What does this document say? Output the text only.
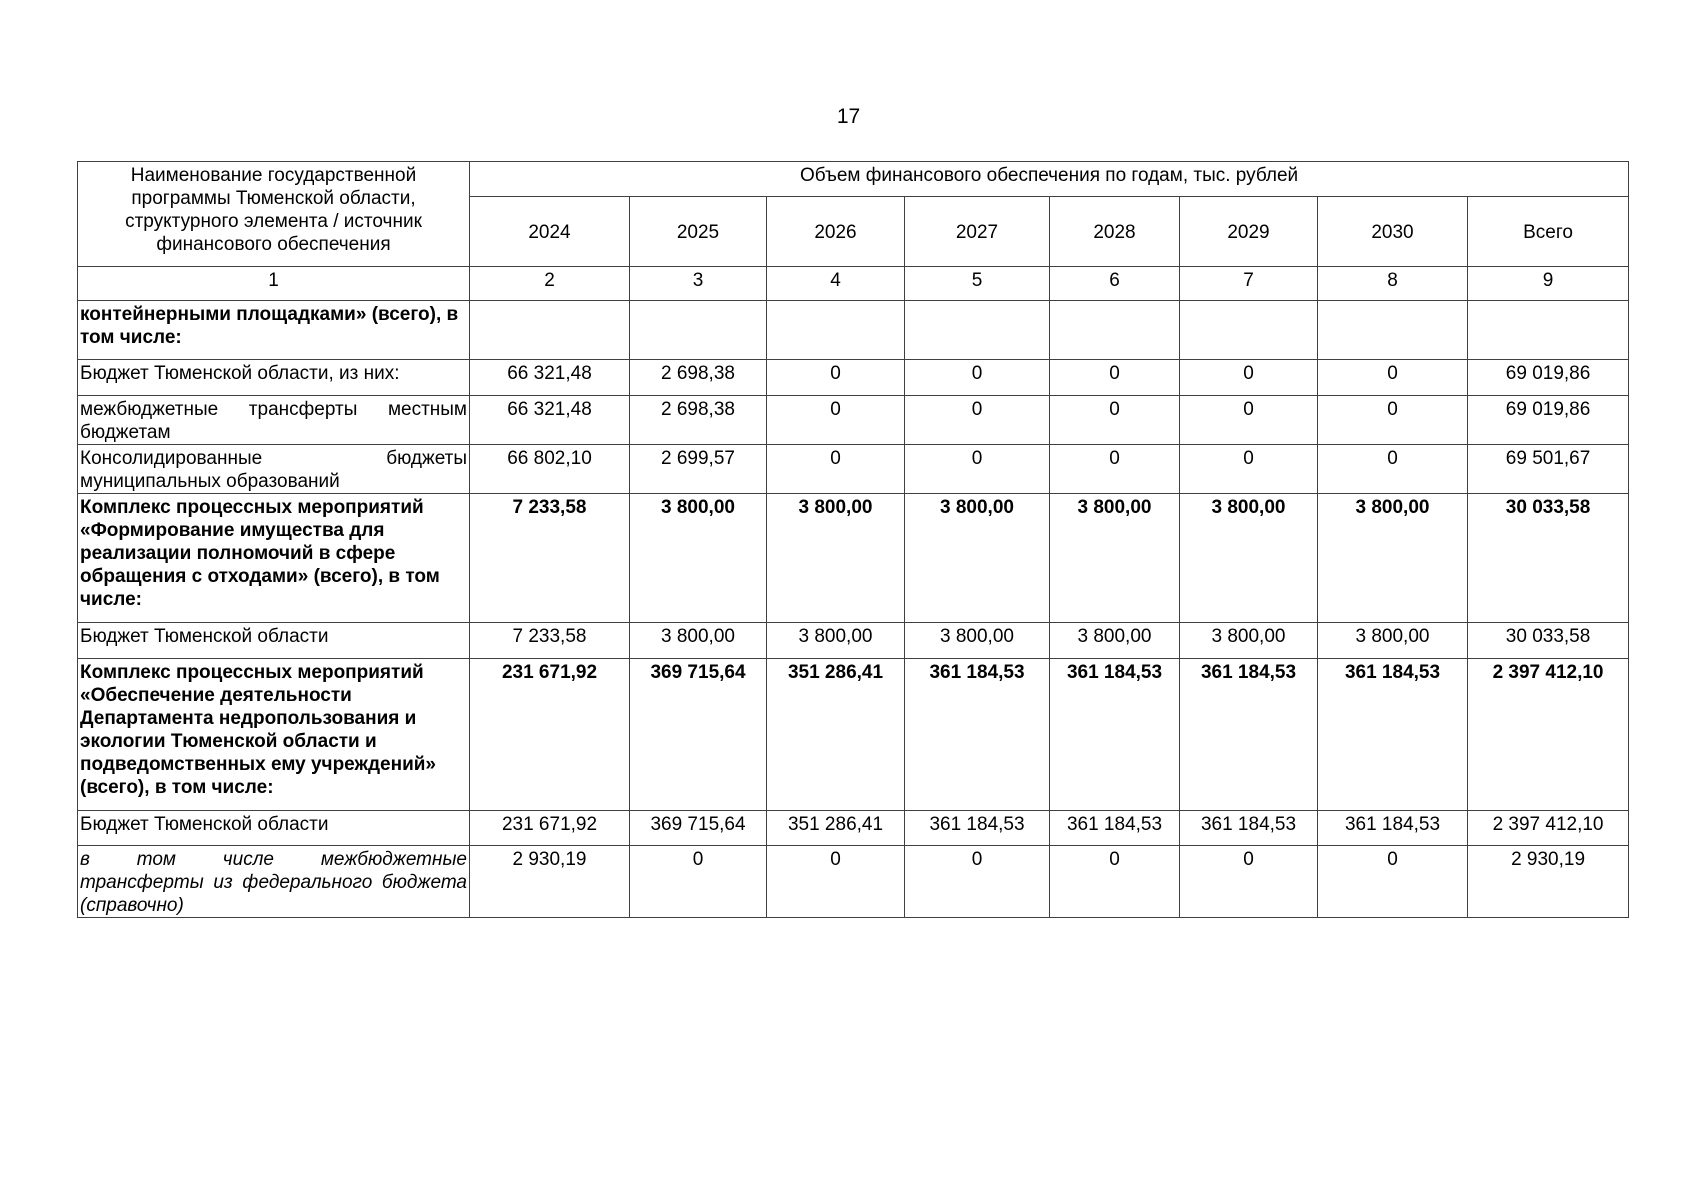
17
Наименование государственной программы Тюменской области, структурного элемента / источник финансового обеспечения	Объем финансового обеспечения по годам, тыс. рублей							
	2024	2025	2026	2027	2028	2029	2030	Всего
1	2	3	4	5	6	7	8	9
контейнерными площадками» (всего), в том числе:								
Бюджет Тюменской области, из них:	66 321,48	2 698,38	0	0	0	0	0	69 019,86
межбюджетные трансферты местным бюджетам	66 321,48	2 698,38	0	0	0	0	0	69 019,86
Консолидированные бюджеты муниципальных образований	66 802,10	2 699,57	0	0	0	0	0	69 501,67
Комплекс процессных мероприятий «Формирование имущества для реализации полномочий в сфере обращения с отходами» (всего), в том числе:	7 233,58	3 800,00	3 800,00	3 800,00	3 800,00	3 800,00	3 800,00	30 033,58
Бюджет Тюменской области	7 233,58	3 800,00	3 800,00	3 800,00	3 800,00	3 800,00	3 800,00	30 033,58
Комплекс процессных мероприятий «Обеспечение деятельности Департамента недропользования и экологии Тюменской области и подведомственных ему учреждений» (всего), в том числе:	231 671,92	369 715,64	351 286,41	361 184,53	361 184,53	361 184,53	361 184,53	2 397 412,10
Бюджет Тюменской области	231 671,92	369 715,64	351 286,41	361 184,53	361 184,53	361 184,53	361 184,53	2 397 412,10
в том числе межбюджетные трансферты из федерального бюджета (справочно)	2 930,19	0	0	0	0	0	0	2 930,19
